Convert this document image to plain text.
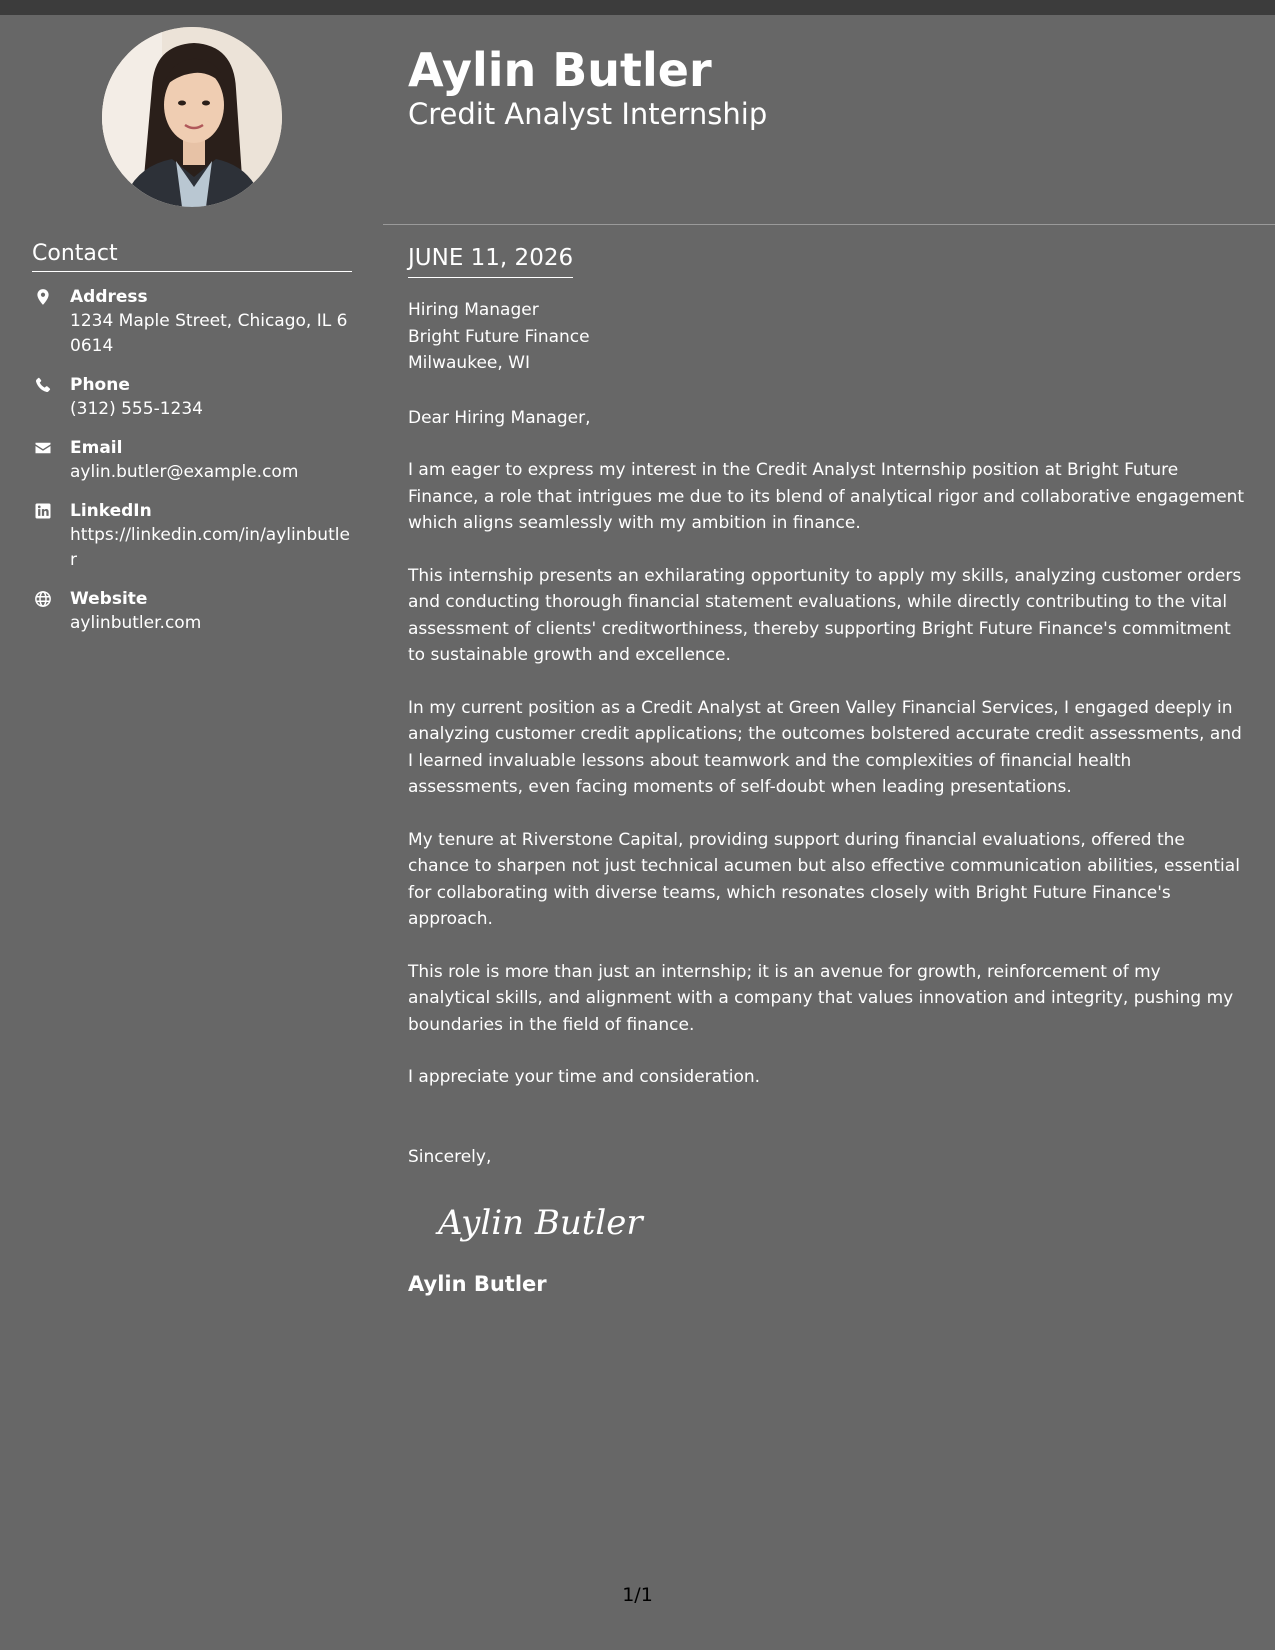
Contact
Address
1234 Maple Street, Chicago, IL 60614
Phone
(312) 555-1234
Email
aylin.butler@example.com
LinkedIn
https://linkedin.com/in/aylinbutler
Website
aylinbutler.com
Aylin Butler
Credit Analyst Internship
JUNE 11, 2026

Hiring Manager

Bright Future Finance

Milwaukee, WI

Dear Hiring Manager,

I am eager to express my interest in the Credit Analyst Internship position at Bright Future Finance, a role that intrigues me due to its blend of analytical rigor and collaborative engagement which aligns seamlessly with my ambition in finance.

This internship presents an exhilarating opportunity to apply my skills, analyzing customer orders and conducting thorough financial statement evaluations, while directly contributing to the vital assessment of clients' creditworthiness, thereby supporting Bright Future Finance's commitment to sustainable growth and excellence.

In my current position as a Credit Analyst at Green Valley Financial Services, I engaged deeply in analyzing customer credit applications; the outcomes bolstered accurate credit assessments, and I learned invaluable lessons about teamwork and the complexities of financial health assessments, even facing moments of self-doubt when leading presentations.

My tenure at Riverstone Capital, providing support during financial evaluations, offered the chance to sharpen not just technical acumen but also effective communication abilities, essential for collaborating with diverse teams, which resonates closely with Bright Future Finance's approach.

This role is more than just an internship; it is an avenue for growth, reinforcement of my analytical skills, and alignment with a company that values innovation and integrity, pushing my boundaries in the field of finance.

I appreciate your time and consideration.

Sincerely,

Aylin Butler

Aylin Butler

1/1
